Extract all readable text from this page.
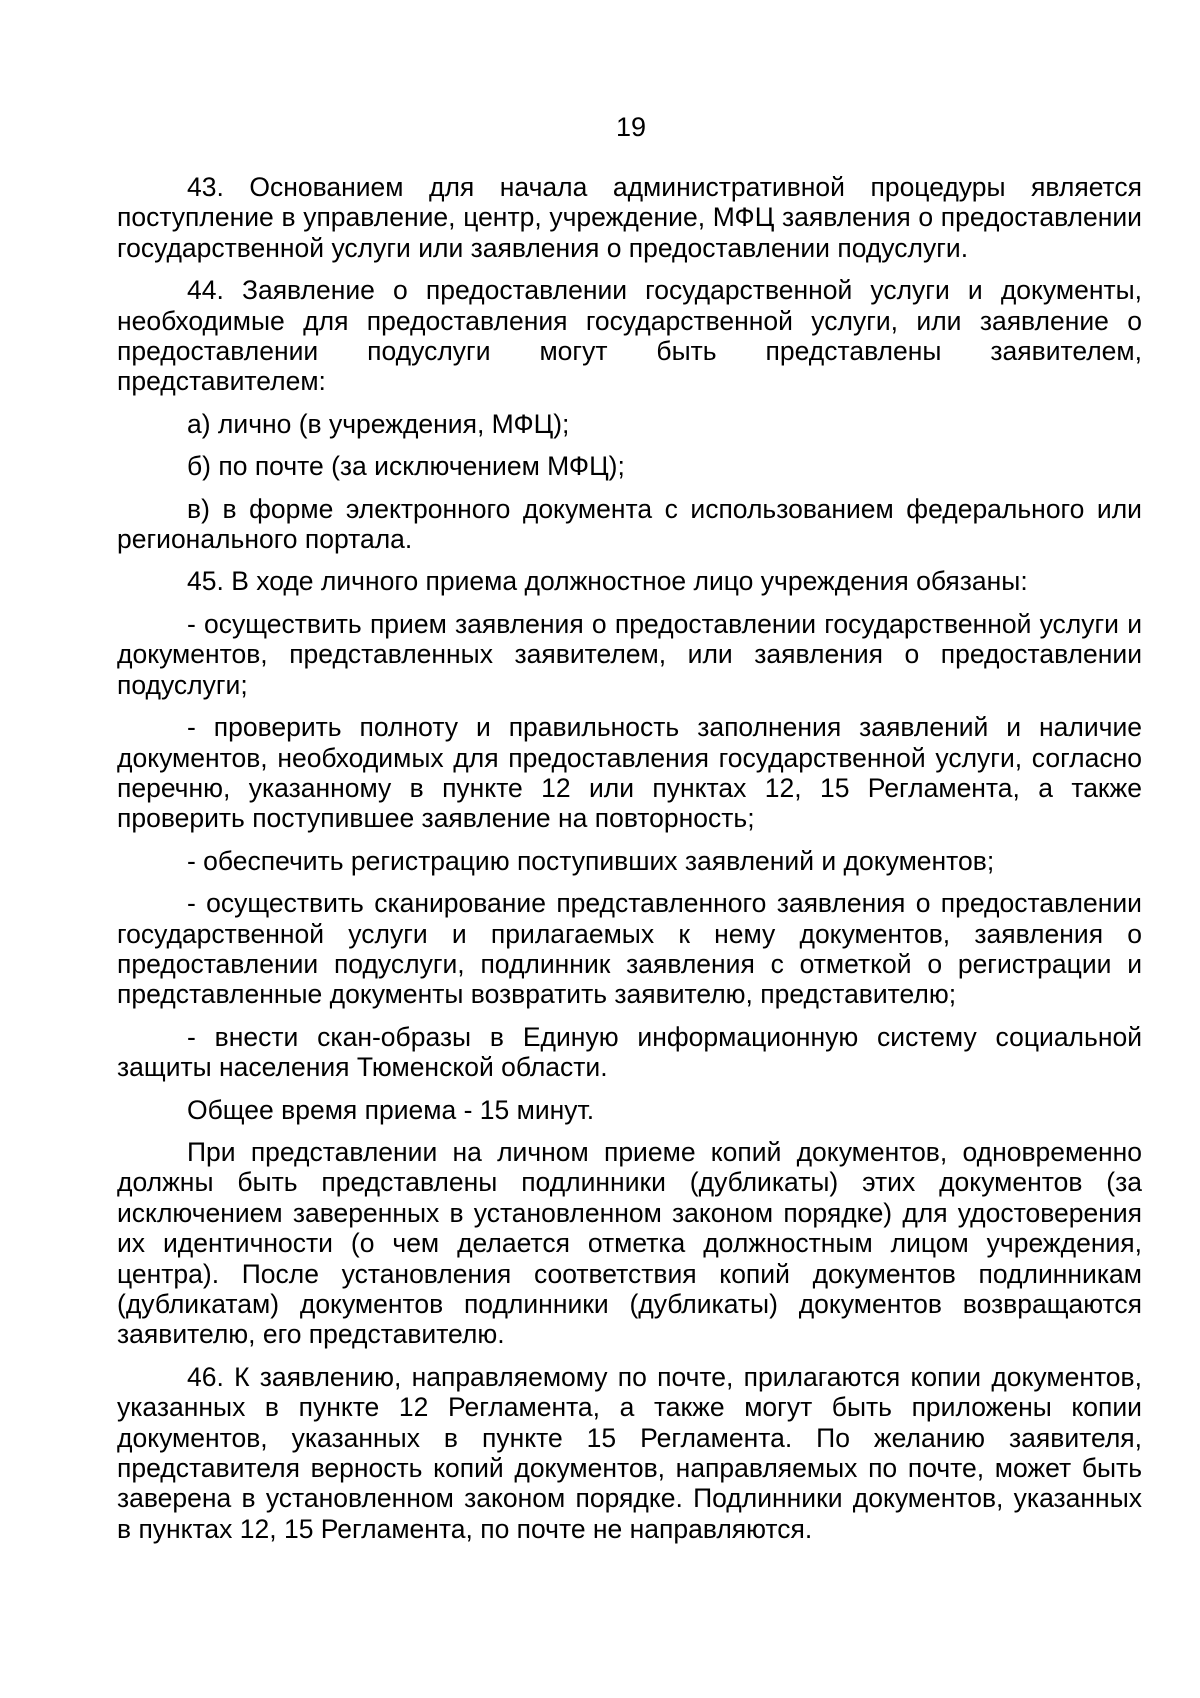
19

43. Основанием для начала административной процедуры является поступление в управление, центр, учреждение, МФЦ заявления о предоставлении государственной услуги или заявления о предоставлении подуслуги.

44. Заявление о предоставлении государственной услуги и документы, необходимые для предоставления государственной услуги, или заявление о предоставлении подуслуги могут быть представлены заявителем, представителем:

а) лично (в учреждения, МФЦ);

б) по почте (за исключением МФЦ);

в) в форме электронного документа с использованием федерального или регионального портала.

45. В ходе личного приема должностное лицо учреждения обязаны:

- осуществить прием заявления о предоставлении государственной услуги и документов, представленных заявителем, или заявления о предоставлении подуслуги;

- проверить полноту и правильность заполнения заявлений и наличие документов, необходимых для предоставления государственной услуги, согласно перечню, указанному в пункте 12 или пунктах 12, 15 Регламента, а также проверить поступившее заявление на повторность;

- обеспечить регистрацию поступивших заявлений и документов;

- осуществить сканирование представленного заявления о предоставлении государственной услуги и прилагаемых к нему документов, заявления о предоставлении подуслуги, подлинник заявления с отметкой о регистрации и представленные документы возвратить заявителю, представителю;

- внести скан-образы в Единую информационную систему социальной защиты населения Тюменской области.

Общее время приема - 15 минут.

При представлении на личном приеме копий документов, одновременно должны быть представлены подлинники (дубликаты) этих документов (за исключением заверенных в установленном законом порядке) для удостоверения их идентичности (о чем делается отметка должностным лицом учреждения, центра). После установления соответствия копий документов подлинникам (дубликатам) документов подлинники (дубликаты) документов возвращаются заявителю, его представителю.

46. К заявлению, направляемому по почте, прилагаются копии документов, указанных в пункте 12 Регламента, а также могут быть приложены копии документов, указанных в пункте 15 Регламента. По желанию заявителя, представителя верность копий документов, направляемых по почте, может быть заверена в установленном законом порядке. Подлинники документов, указанных в пунктах 12, 15 Регламента, по почте не направляются.
